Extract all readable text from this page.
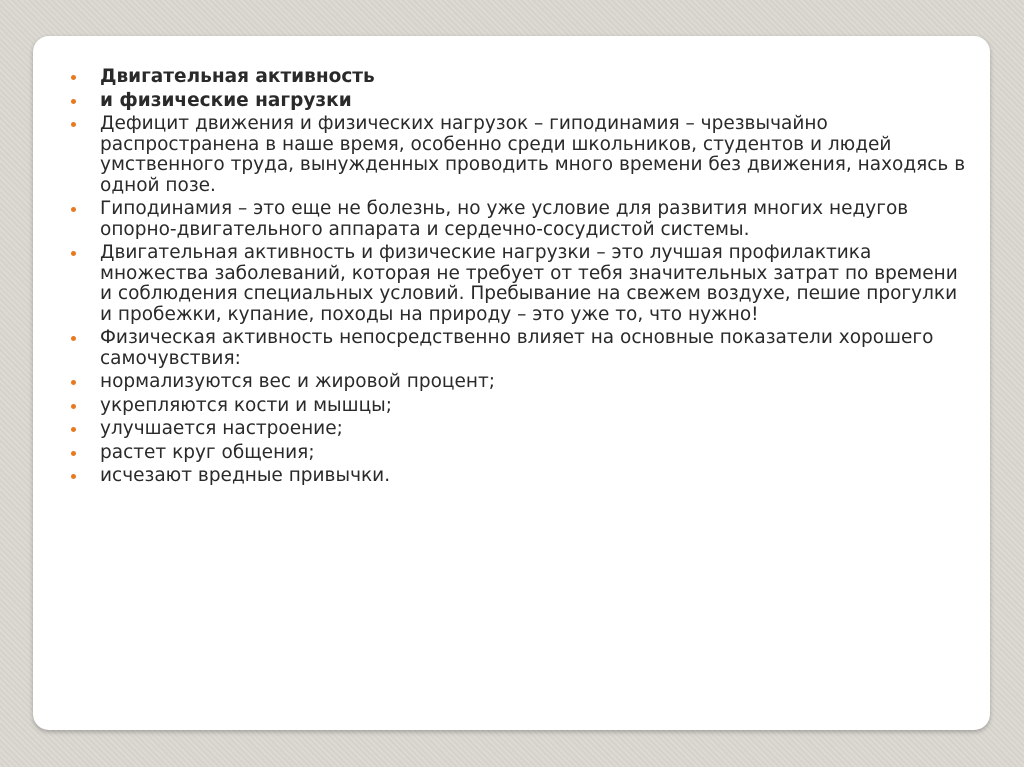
Двигательная активность
и физические нагрузки
Дефицит движения и физических нагрузок – гиподинамия – чрезвычайно распространена в наше время, особенно среди школьников, студентов и людей умственного труда, вынужденных проводить много времени без движения, находясь в одной позе.
Гиподинамия – это еще не болезнь, но уже условие для развития многих недугов опорно-двигательного аппарата и сердечно-сосудистой системы.
Двигательная активность и физические нагрузки – это лучшая профилактика множества заболеваний, которая не требует от тебя значительных затрат по времени и соблюдения специальных условий. Пребывание на свежем воздухе, пешие прогулки и пробежки, купание, походы на природу – это уже то, что нужно!
Физическая активность непосредственно влияет на основные показатели хорошего самочувствия:
нормализуются вес и жировой процент;
укрепляются кости и мышцы;
улучшается настроение;
растет круг общения;
исчезают вредные привычки.
